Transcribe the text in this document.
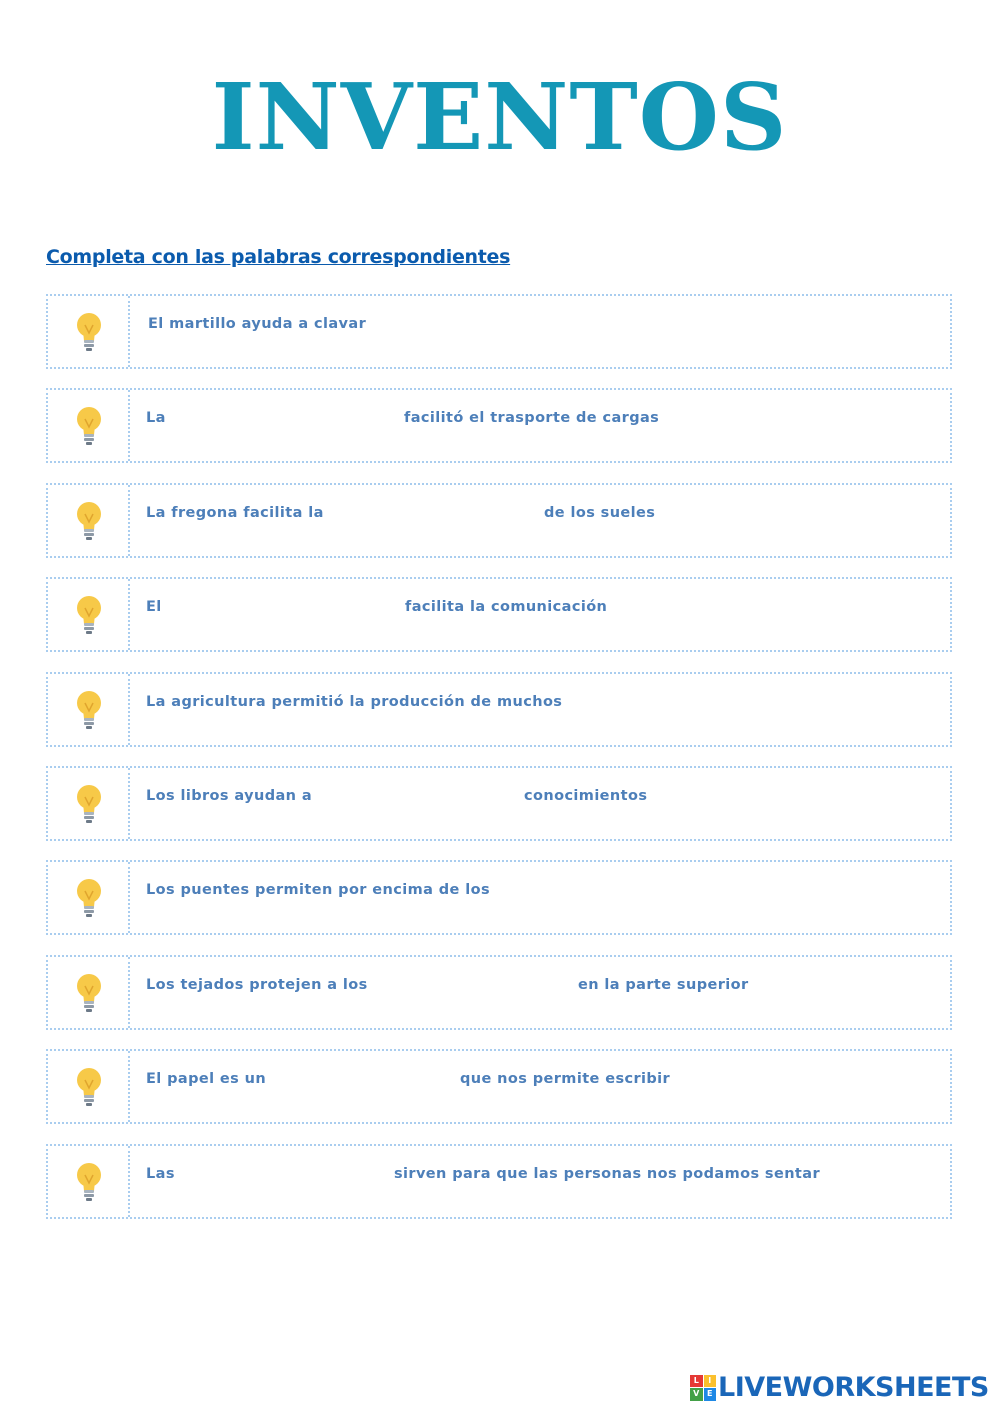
INVENTOS
Completa con las palabras correspondientes
El martillo ayuda a clavar
La	facilitó el trasporte de cargas
La fregona facilita la	de los sueles
El	facilita la comunicación
La agricultura permitió la producción de muchos
Los libros ayudan a	conocimientos
Los puentes permiten por encima de los
Los tejados protejen a los	en la parte superior
El papel es un	que nos permite escribir
Las	sirven para que las personas nos podamos sentar
L	I
V E LIVEWORKSHEETS
